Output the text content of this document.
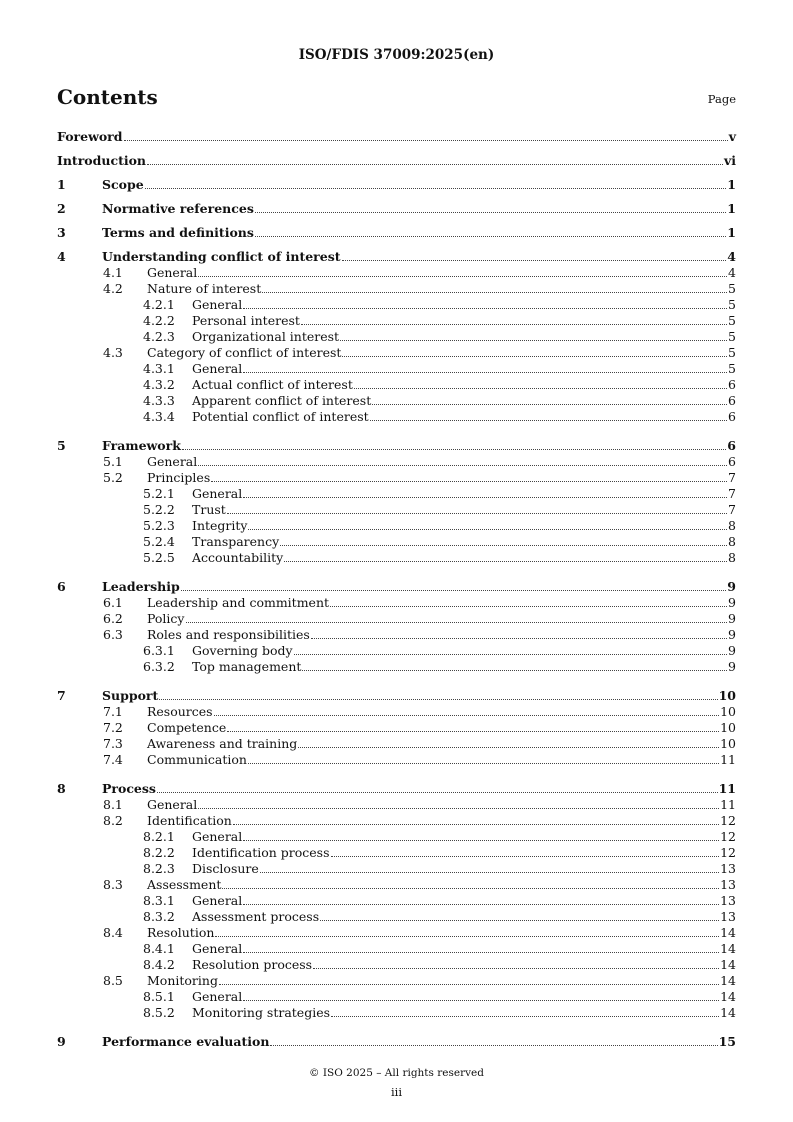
ISO/FDIS 37009:2025(en)
Contents	Page
Foreword	v
Introduction	vi
1	Scope	1
2	Normative references	1
3	Terms and definitions	1
4	Understanding conflict of interest	4
4.1 General	4
4.2 Nature of interest	5
4.2.1 General	5
4.2.2 Personal interest	5
4.2.3 Organizational interest	5
4.3 Category of conflict of interest	5
4.3.1 General	5
4.3.2 Actual conflict of interest	6
4.3.3 Apparent conflict of interest	6
4.3.4 Potential conflict of interest	6
5	Framework	6
5.1 General	6
5.2 Principles	7
5.2.1 General	7
5.2.2 Trust	7
5.2.3 Integrity	8
5.2.4 Transparency	8
5.2.5 Accountability	8
6	Leadership	9
6.1 Leadership and commitment	9
6.2 Policy	9
6.3 Roles and responsibilities	9
6.3.1 Governing body	9
6.3.2 Top management	9
7	Support	10
7.1 Resources	10
7.2 Competence	10
7.3 Awareness and training	10
7.4 Communication	11
8	Process	11
8.1 General	11
8.2 Identification	12
8.2.1 General	12
8.2.2 Identification process	12
8.2.3 Disclosure	13
8.3 Assessment	13
8.3.1 General	13
8.3.2 Assessment process	13
8.4 Resolution	14
8.4.1 General	14
8.4.2 Resolution process	14
8.5 Monitoring	14
8.5.1 General	14
8.5.2 Monitoring strategies	14
9	Performance evaluation	15
© ISO 2025 – All rights reserved
iii
